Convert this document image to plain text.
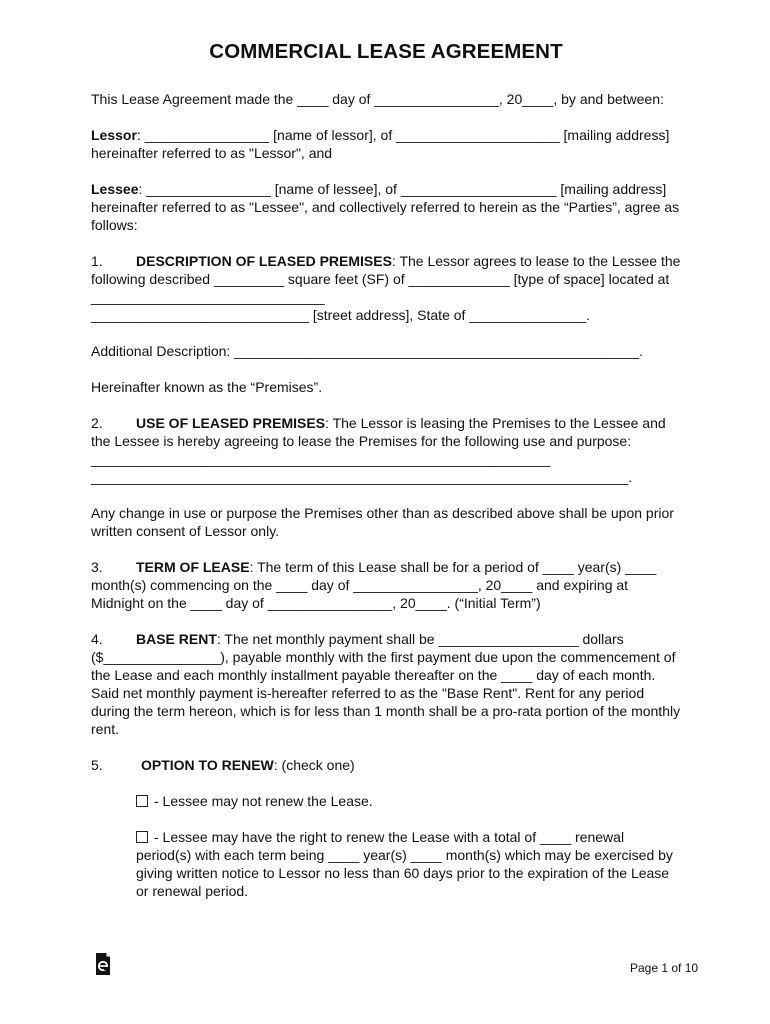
COMMERCIAL LEASE AGREEMENT

This Lease Agreement made the ____ day of ________________, 20____, by and between:

Lessor: ________________ [name of lessor], of _____________________ [mailing address] hereinafter referred to as "Lessor", and

Lessee: ________________ [name of lessee], of ____________________ [mailing address] hereinafter referred to as "Lessee", and collectively referred to herein as the “Parties”, agree as follows:

1. DESCRIPTION OF LEASED PREMISES: The Lessor agrees to lease to the Lessee the following described _________ square feet (SF) of _____________ [type of space] located at ______________________________

____________________________ [street address], State of _______________.

Additional Description: ____________________________________________________.

Hereinafter known as the “Premises”.

2. USE OF LEASED PREMISES: The Lessor is leasing the Premises to the Lessee and the Lessee is hereby agreeing to lease the Premises for the following use and purpose: ___________________________________________________________

_____________________________________________________________________.

Any change in use or purpose the Premises other than as described above shall be upon prior written consent of Lessor only.

3. TERM OF LEASE: The term of this Lease shall be for a period of ____ year(s) ____ month(s) commencing on the ____ day of ________________, 20____ and expiring at Midnight on the ____ day of ________________, 20____. (“Initial Term”)

4. BASE RENT: The net monthly payment shall be __________________ dollars ($_______________), payable monthly with the first payment due upon the commencement of the Lease and each monthly installment payable thereafter on the ____ day of each month. Said net monthly payment is-hereafter referred to as the "Base Rent". Rent for any period during the term hereon, which is for less than 1 month shall be a pro-rata portion of the monthly rent.

5.	OPTION TO RENEW: (check one)

- Lessee may not renew the Lease.

- Lessee may have the right to renew the Lease with a total of ____ renewal period(s) with each term being ____ year(s) ____ month(s) which may be exercised by giving written notice to Lessor no less than 60 days prior to the expiration of the Lease or renewal period.

Page 1 of 10
